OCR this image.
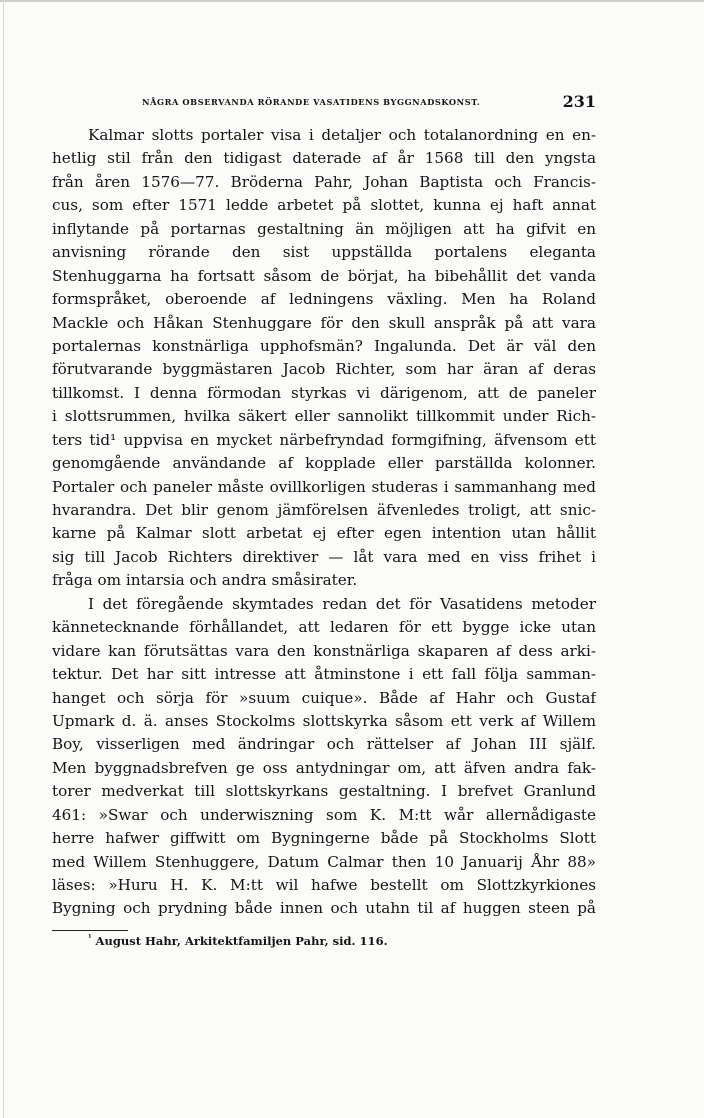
NÅGRA OBSERVANDA RÖRANDE VASATIDENS BYGGNADSKONST.	231
Kalmar slotts portaler visa i detaljer och totalanordning en en-
hetlig stil från den tidigast daterade af år 1568 till den yngsta
från åren 1576—77. Bröderna Pahr, Johan Baptista och Francis-
cus, som efter 1571 ledde arbetet på slottet, kunna ej haft annat
inflytande på portarnas gestaltning än möjligen att ha gifvit en
anvisning rörande den sist uppställda portalens eleganta
Stenhuggarna ha fortsatt såsom de börjat, ha bibehållit det vanda
formspråket, oberoende af ledningens växling. Men ha Roland
Mackle och Håkan Stenhuggare för den skull anspråk på att vara
portalernas konstnärliga upphofsmän? Ingalunda. Det är väl den
förutvarande byggmästaren Jacob Richter, som har äran af deras
tillkomst. I denna förmodan styrkas vi därigenom, att de paneler
i slottsrummen, hvilka säkert eller sannolikt tillkommit under Rich-
ters tid¹ uppvisa en mycket närbefryndad formgifning, äfvensom ett
genomgående användande af kopplade eller parställda kolonner.
Portaler och paneler måste ovillkorligen studeras i sammanhang med
hvarandra. Det blir genom jämförelsen äfvenledes troligt, att snic-
karne på Kalmar slott arbetat ej efter egen intention utan hållit
sig till Jacob Richters direktiver — låt vara med en viss frihet i
fråga om intarsia och andra småsirater.
I det föregående skymtades redan det för Vasatidens metoder
kännetecknande förhållandet, att ledaren för ett bygge icke utan
vidare kan förutsättas vara den konstnärliga skaparen af dess arki-
tektur. Det har sitt intresse att åtminstone i ett fall följa samman-
hanget och sörja för »suum cuique». Både af Hahr och Gustaf
Upmark d. ä. anses Stockolms slottskyrka såsom ett verk af Willem
Boy, visserligen med ändringar och rättelser af Johan III själf.
Men byggnadsbrefven ge oss antydningar om, att äfven andra fak-
torer medverkat till slottskyrkans gestaltning. I brefvet Granlund
461: »Swar och underwiszning som K. M:tt wår allernådigaste
herre hafwer giffwitt om Bygningerne både på Stockholms Slott
med Willem Stenhuggere, Datum Calmar then 10 Januarij Åhr 88»
läses: »Huru H. K. M:tt wil hafwe bestellt om Slottzkyrkiones
Bygning och prydning både innen och utahn til af huggen steen på
$^{^1}$ August Hahr, Arkitektfamiljen Pahr, sid. 116.
